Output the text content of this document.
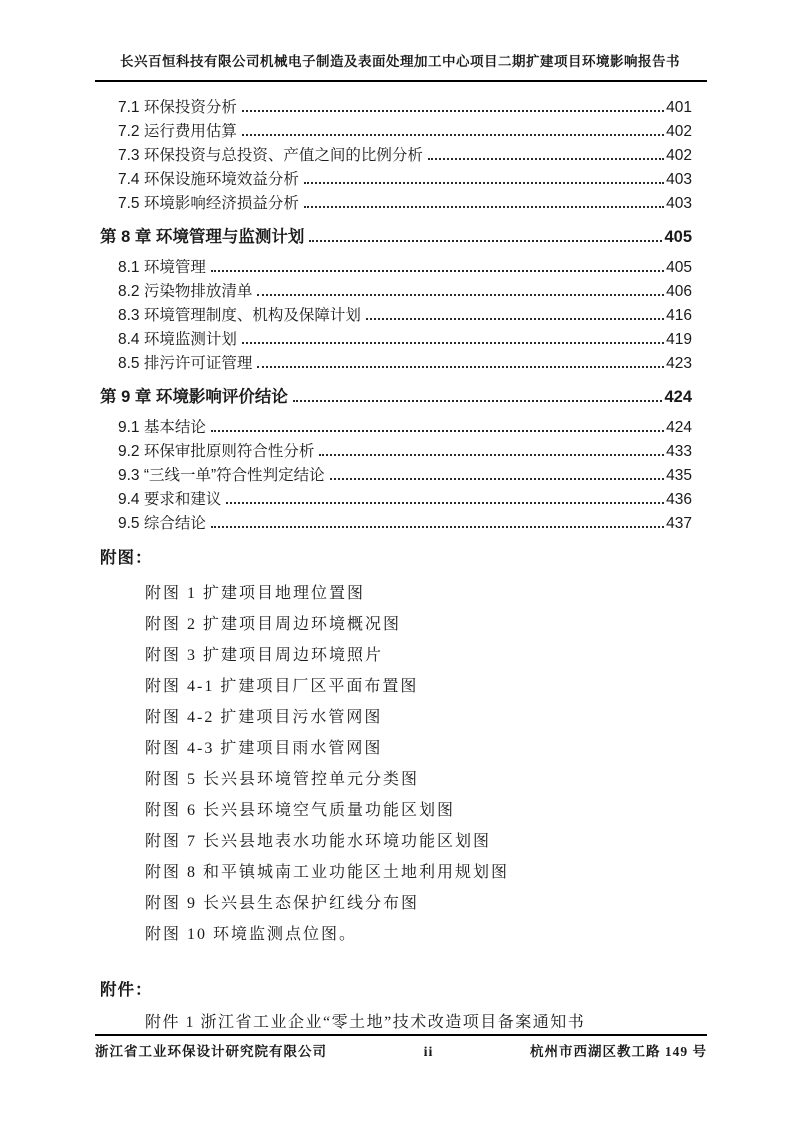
长兴百恒科技有限公司机械电子制造及表面处理加工中心项目二期扩建项目环境影响报告书
7.1 环保投资分析	401
7.2 运行费用估算	402
7.3 环保投资与总投资、产值之间的比例分析	402
7.4 环保设施环境效益分析	403
7.5 环境影响经济损益分析	403
第 8 章 环境管理与监测计划	405
8.1 环境管理	405
8.2 污染物排放清单	406
8.3 环境管理制度、机构及保障计划	416
8.4 环境监测计划	419
8.5 排污许可证管理	423
第 9 章 环境影响评价结论	424
9.1 基本结论	424
9.2 环保审批原则符合性分析	433
9.3 “三线一单”符合性判定结论	435
9.4 要求和建议	436
9.5 综合结论	437
附图：
附图 1 扩建项目地理位置图
附图 2 扩建项目周边环境概况图
附图 3 扩建项目周边环境照片
附图 4-1 扩建项目厂区平面布置图
附图 4-2 扩建项目污水管网图
附图 4-3 扩建项目雨水管网图
附图 5 长兴县环境管控单元分类图
附图 6 长兴县环境空气质量功能区划图
附图 7 长兴县地表水功能水环境功能区划图
附图 8 和平镇城南工业功能区土地利用规划图
附图 9 长兴县生态保护红线分布图
附图 10 环境监测点位图。
附件：
附件 1 浙江省工业企业“零土地”技术改造项目备案通知书
浙江省工业环保设计研究院有限公司	ii	杭州市西湖区教工路 149 号
